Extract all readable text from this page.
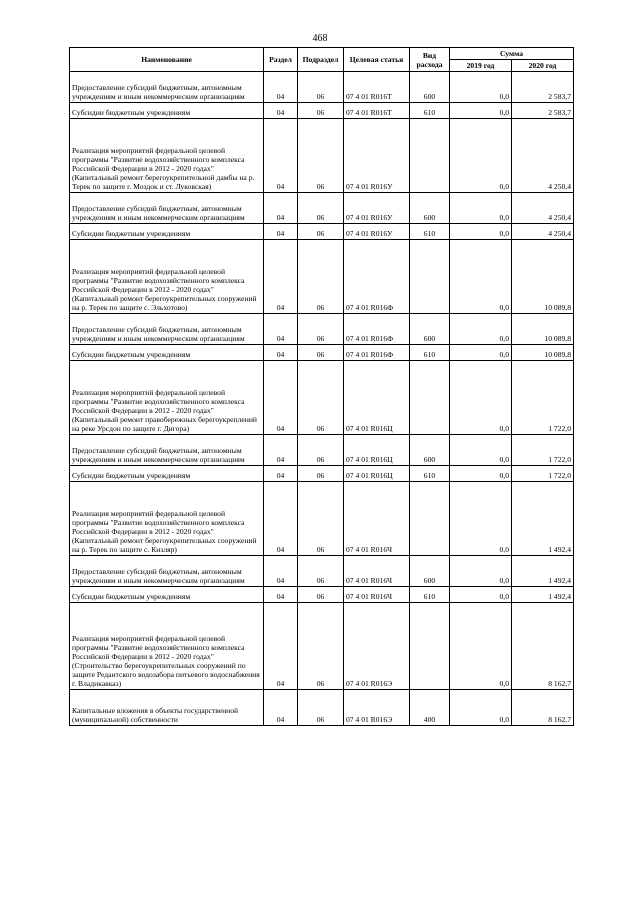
468
Наименование	Раздел	Подраздел	Целевая статья	Вид расхода	Сумма	
					2019 год	2020 год
Предоставление субсидий бюджетным, автономным учреждениям и иным некоммерческим организациям	04	06	07 4 01 R016Т	600	0,0	2 583,7
Субсидии бюджетным учреждениям	04	06	07 4 01 R016Т	610	0,0	2 583,7
Реализация мероприятий федеральной целевой программы "Развитие водохозяйственного комплекса Российской Федерации в 2012 - 2020 годах" (Капитальный ремонт берегоукрепительной дамбы на р. Терек по защите г. Моздок и ст. Луковская)	04	06	07 4 01 R016У		0,0	4 250,4
Предоставление субсидий бюджетным, автономным учреждениям и иным некоммерческим организациям	04	06	07 4 01 R016У	600	0,0	4 250,4
Субсидии бюджетным учреждениям	04	06	07 4 01 R016У	610	0,0	4 250,4
Реализация мероприятий федеральной целевой программы "Развитие водохозяйственного комплекса Российской Федерации в 2012 - 2020 годах" (Капитальный ремонт берегоукрепительных сооружений на р. Терек по защите с. Эльхотово)	04	06	07 4 01 R016Ф		0,0	10 089,8
Предоставление субсидий бюджетным, автономным учреждениям и иным некоммерческим организациям	04	06	07 4 01 R016Ф	600	0,0	10 089,8
Субсидии бюджетным учреждениям	04	06	07 4 01 R016Ф	610	0,0	10 089,8
Реализация мероприятий федеральной целевой программы "Развитие водохозяйственного комплекса Российской Федерации в 2012 - 2020 годах" (Капитальный ремонт правобережных берегоукреплений на реке Урсдон по защите г. Дигора)	04	06	07 4 01 R016Ц		0,0	1 722,0
Предоставление субсидий бюджетным, автономным учреждениям и иным некоммерческим организациям	04	06	07 4 01 R016Ц	600	0,0	1 722,0
Субсидии бюджетным учреждениям	04	06	07 4 01 R016Ц	610	0,0	1 722,0
Реализация мероприятий федеральной целевой программы "Развитие водохозяйственного комплекса Российской Федерации в 2012 - 2020 годах" (Капитальный ремонт берегоукрепительных сооружений на р. Терек по защите с. Кизляр)	04	06	07 4 01 R016Ч		0,0	1 492,4
Предоставление субсидий бюджетным, автономным учреждениям и иным некоммерческим организациям	04	06	07 4 01 R016Ч	600	0,0	1 492,4
Субсидии бюджетным учреждениям	04	06	07 4 01 R016Ч	610	0,0	1 492,4
Реализация мероприятий федеральной целевой программы "Развитие водохозяйственного комплекса Российской Федерации в 2012 - 2020 годах" (Строительство берегоукрепительных сооружений по защите Редантского водозабора питьевого водоснабжения г. Владикавказ)	04	06	07 4 01 R016Э		0,0	8 162,7
Капитальные вложения в объекты государственной (муниципальной) собственности	04	06	07 4 01 R016Э	400	0,0	8 162,7
